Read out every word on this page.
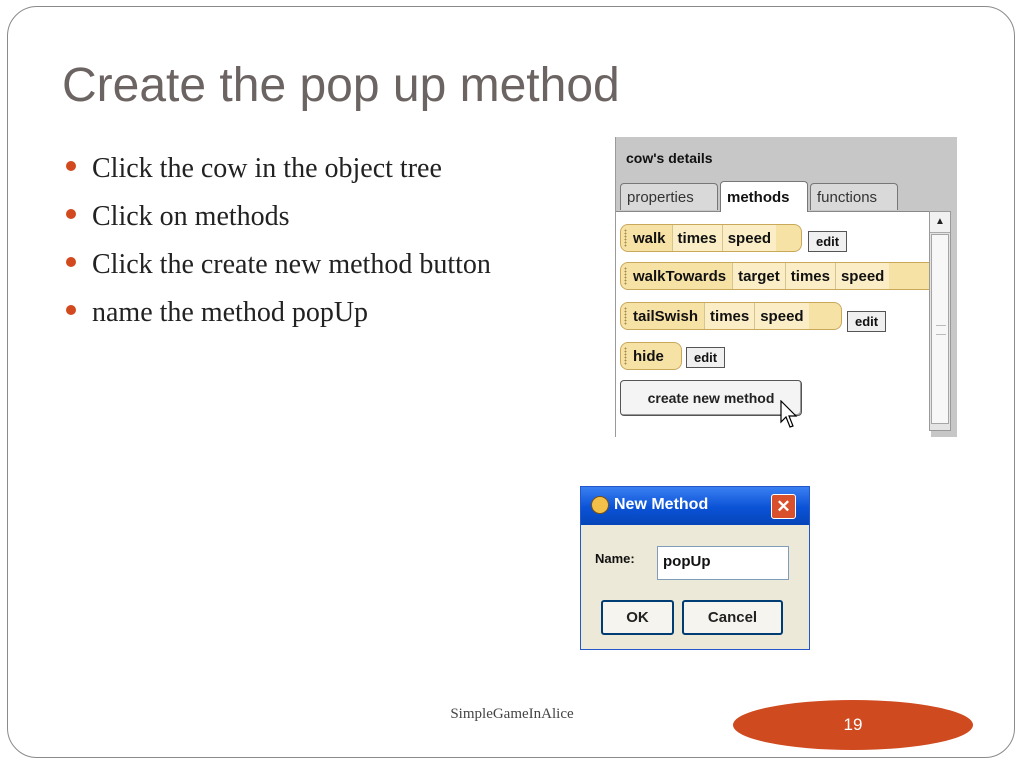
Create the pop up method
Click the cow in the object tree
Click on methods
Click the create new method button
name the method popUp
cow's details
properties	methods	functions
walk times speed	edit
walkTowards target times speed
tailSwish times speed	edit
hide	edit
create new method
▲
New Method	✕
Name:	popUp
OK	Cancel
SimpleGameInAlice
19
